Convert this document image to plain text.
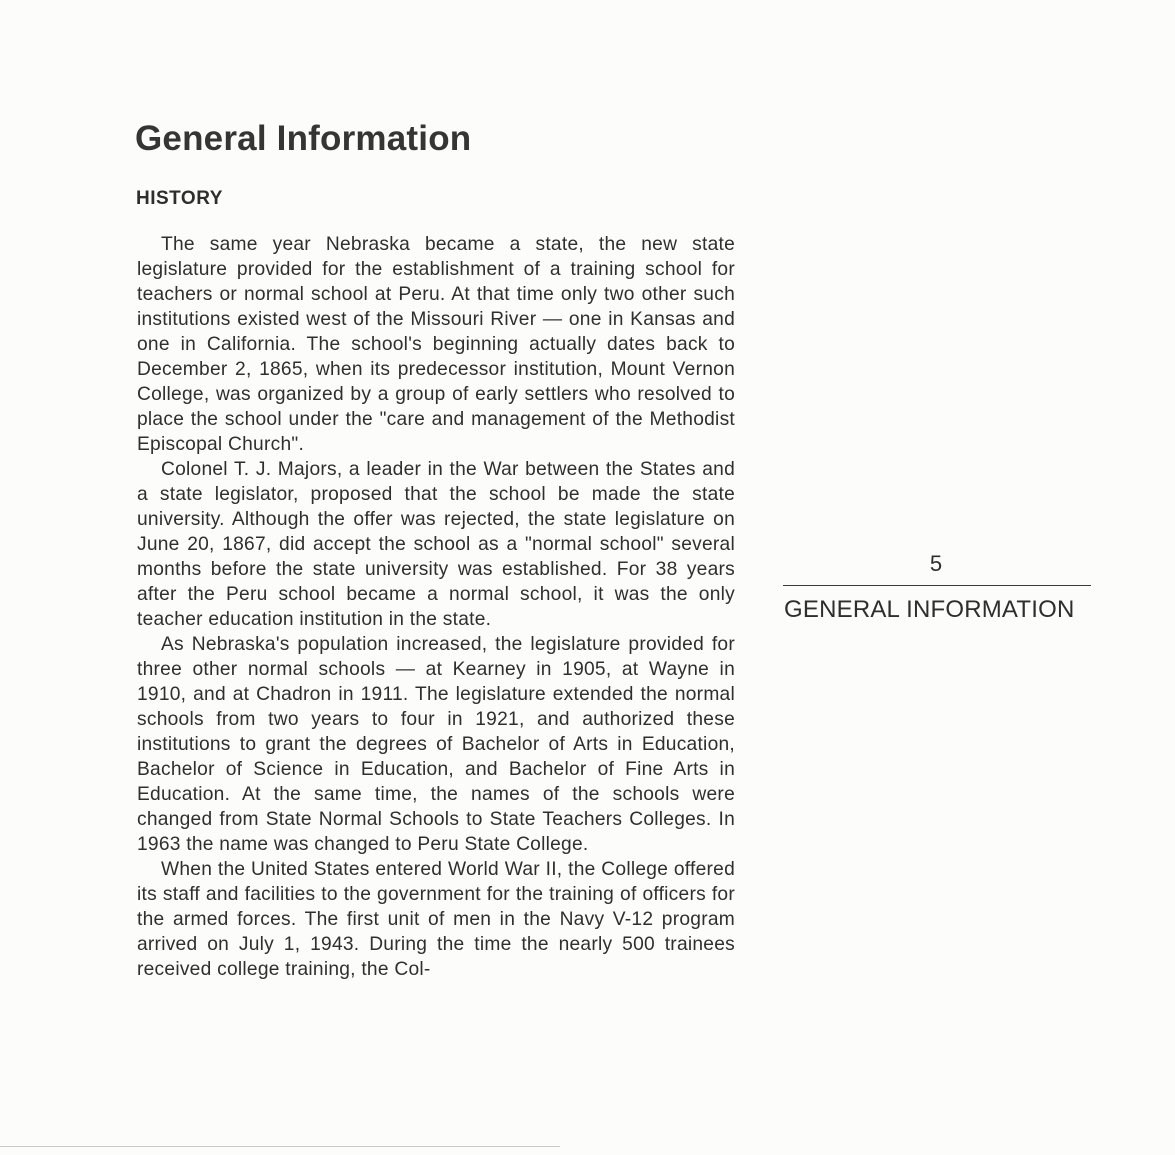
General Information
HISTORY

The same year Nebraska became a state, the new state legislature provided for the establishment of a training school for teachers or normal school at Peru. At that time only two other such institutions existed west of the Missouri River — one in Kansas and one in California. The school's beginning actually dates back to December 2, 1865, when its predecessor institution, Mount Vernon College, was organized by a group of early settlers who resolved to place the school under the "care and management of the Methodist Episcopal Church".

Colonel T. J. Majors, a leader in the War between the States and a state legislator, proposed that the school be made the state university. Although the offer was rejected, the state legislature on June 20, 1867, did accept the school as a "normal school" several months before the state university was established. For 38 years after the Peru school became a normal school, it was the only teacher education institution in the state.

As Nebraska's population increased, the legislature provided for three other normal schools — at Kearney in 1905, at Wayne in 1910, and at Chadron in 1911. The legislature extended the normal schools from two years to four in 1921, and authorized these institutions to grant the degrees of Bachelor of Arts in Education, Bachelor of Science in Education, and Bachelor of Fine Arts in Education. At the same time, the names of the schools were changed from State Normal Schools to State Teachers Colleges. In 1963 the name was changed to Peru State College.

When the United States entered World War II, the College offered its staff and facilities to the government for the training of officers for the armed forces. The first unit of men in the Navy V-12 program arrived on July 1, 1943. During the time the nearly 500 trainees received college training, the Col-

5
GENERAL INFORMATION
